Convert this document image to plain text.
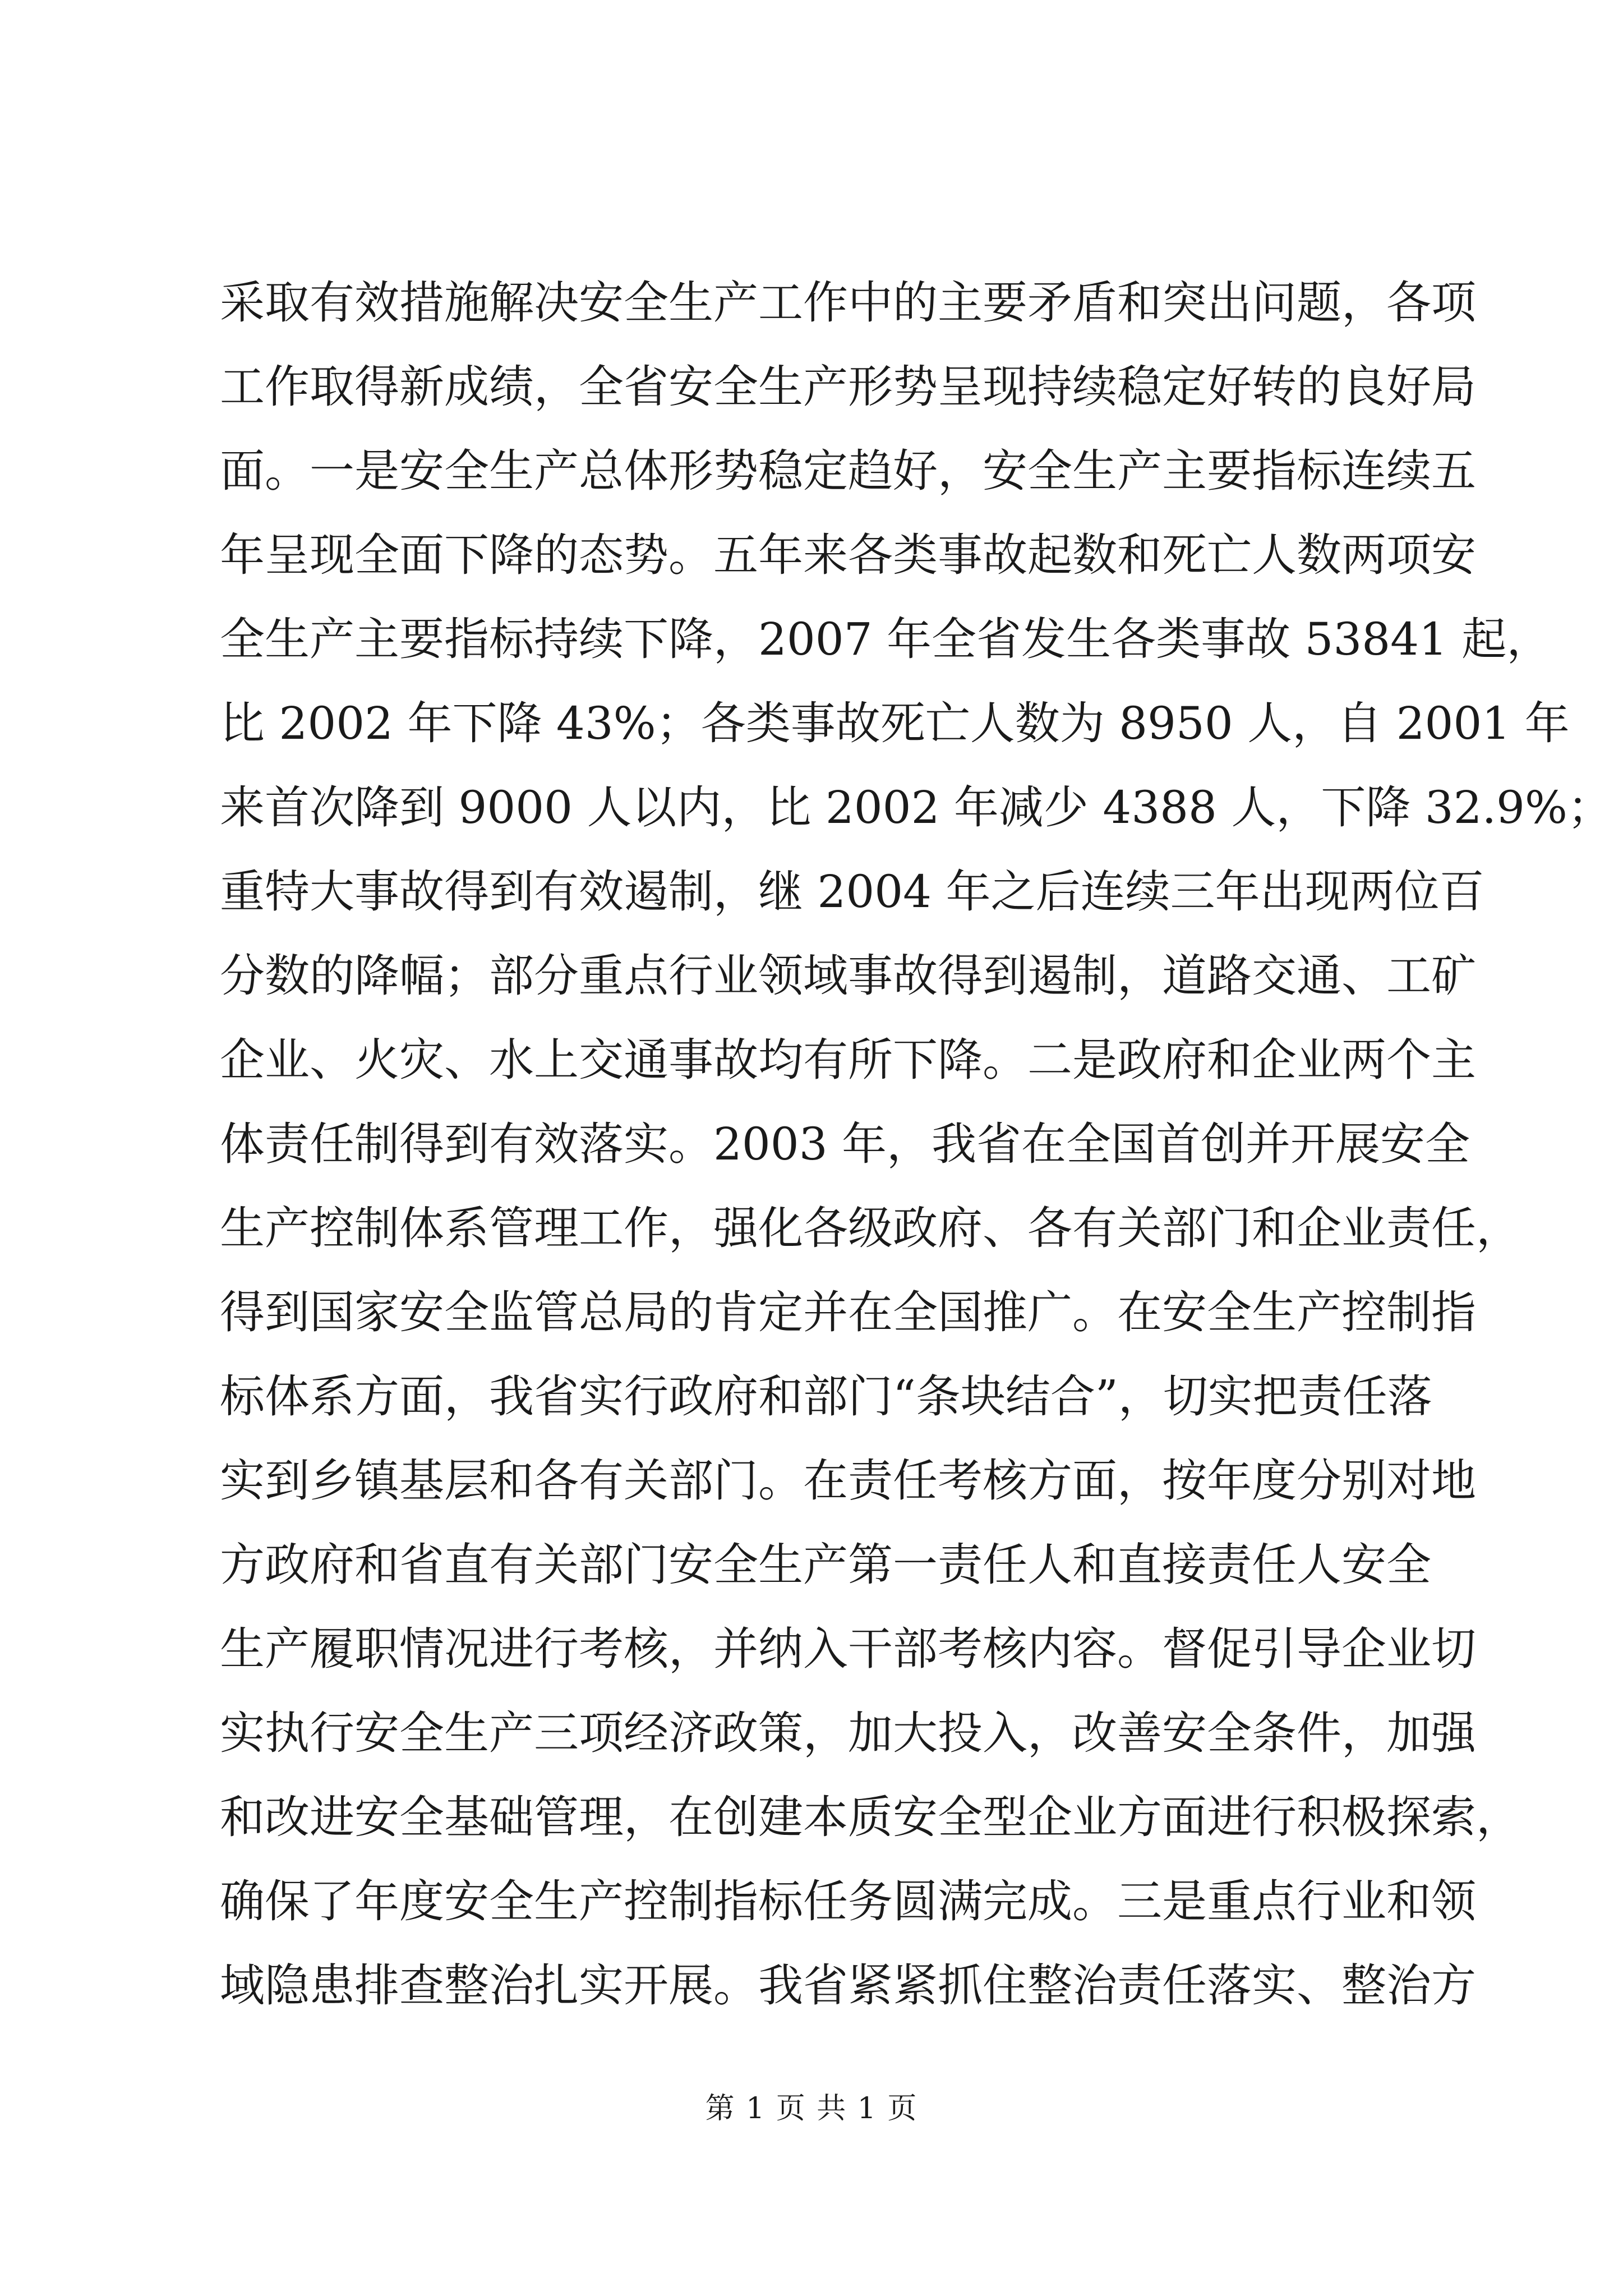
采取有效措施解决安全生产工作中的主要矛盾和突出问题，各项
工作取得新成绩，全省安全生产形势呈现持续稳定好转的良好局
面。一是安全生产总体形势稳定趋好，安全生产主要指标连续五
年呈现全面下降的态势。五年来各类事故起数和死亡人数两项安
全生产主要指标持续下降，2007 年全省发生各类事故 53841 起，
比 2002 年下降 43%；各类事故死亡人数为 8950 人，自 2001 年
来首次降到 9000 人以内，比 2002 年减少 4388 人，下降 32.9%；
重特大事故得到有效遏制，继 2004 年之后连续三年出现两位百
分数的降幅；部分重点行业领域事故得到遏制，道路交通、工矿
企业、火灾、水上交通事故均有所下降。二是政府和企业两个主
体责任制得到有效落实。2003 年，我省在全国首创并开展安全
生产控制体系管理工作，强化各级政府、各有关部门和企业责任，
得到国家安全监管总局的肯定并在全国推广。在安全生产控制指
标体系方面，我省实行政府和部门“条块结合”，切实把责任落
实到乡镇基层和各有关部门。在责任考核方面，按年度分别对地
方政府和省直有关部门安全生产第一责任人和直接责任人安全
生产履职情况进行考核，并纳入干部考核内容。督促引导企业切
实执行安全生产三项经济政策，加大投入，改善安全条件，加强
和改进安全基础管理，在创建本质安全型企业方面进行积极探索，
确保了年度安全生产控制指标任务圆满完成。三是重点行业和领
域隐患排查整治扎实开展。我省紧紧抓住整治责任落实、整治方
第 1 页 共 1 页
